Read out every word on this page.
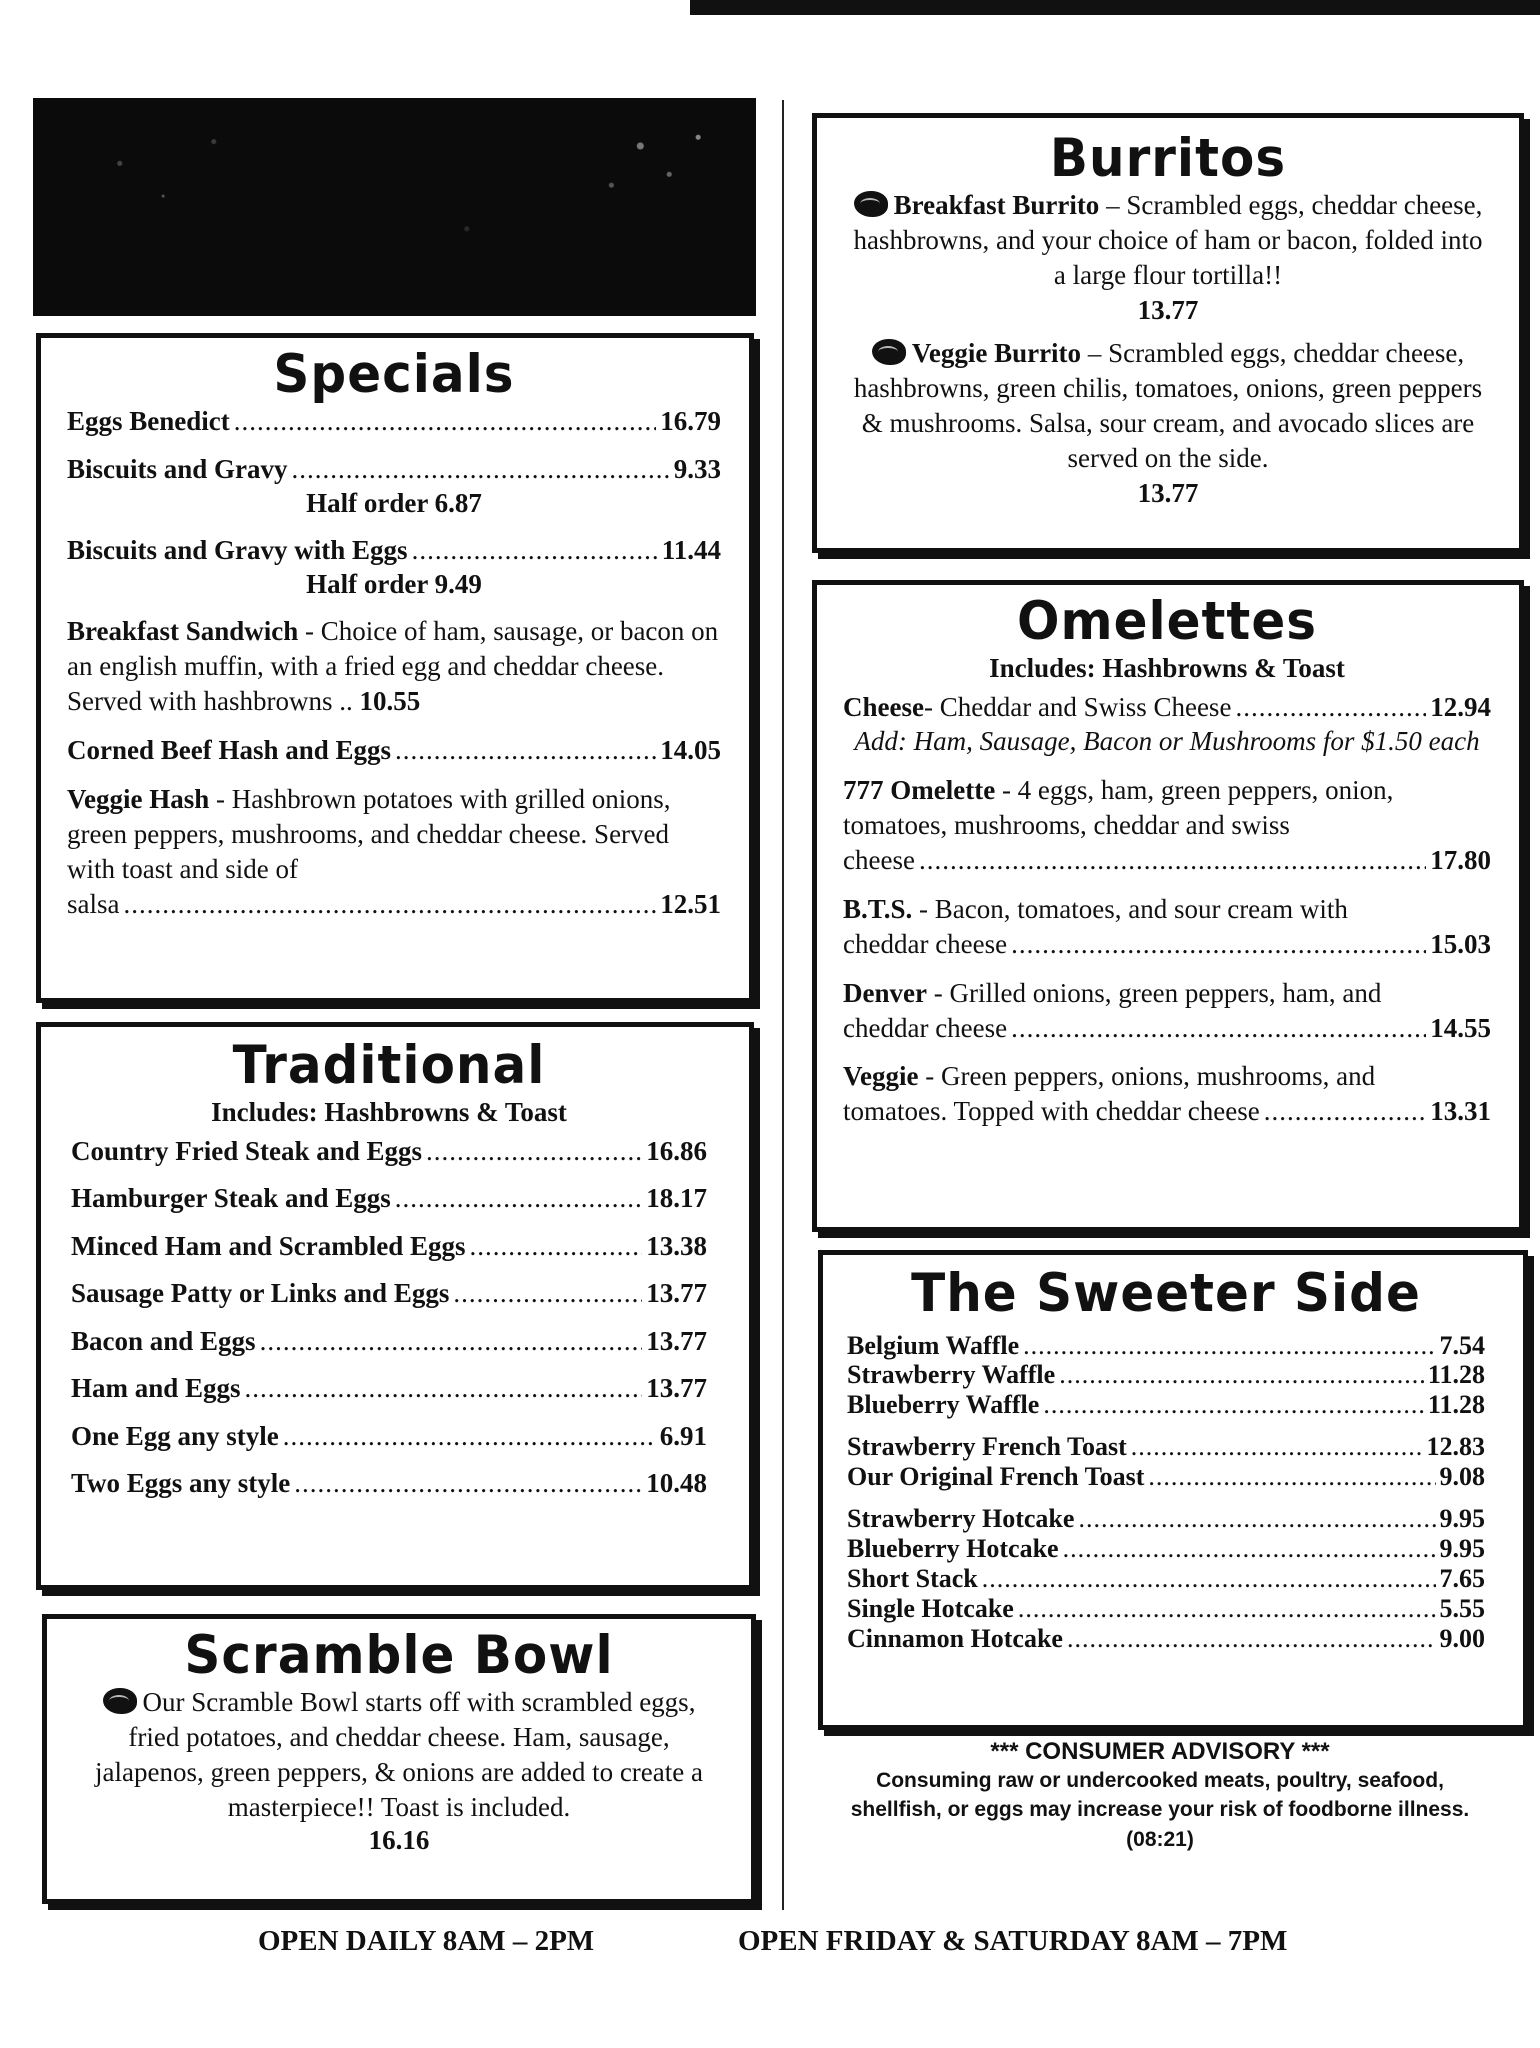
Specials
Eggs Benedict .....	16.79
Biscuits and Gravy .....	9.33
Half order 6.87
Biscuits and Gravy with Eggs .....	11.44
Half order 9.49
Breakfast Sandwich - Choice of ham, sausage, or bacon on an english muffin, with a fried egg and cheddar cheese. Served with hashbrowns .. 10.55
Corned Beef Hash and Eggs .....	14.05
Veggie Hash - Hashbrown potatoes with grilled onions, green peppers, mushrooms, and cheddar cheese. Served with toast and side of
salsa .....	12.51
Traditional
Includes: Hashbrowns & Toast
Country Fried Steak and Eggs .....	16.86
Hamburger Steak and Eggs .....	18.17
Minced Ham and Scrambled Eggs .....	13.38
Sausage Patty or Links and Eggs .....	13.77
Bacon and Eggs .....	13.77
Ham and Eggs .....	13.77
One Egg any style .....	6.91
Two Eggs any style .....	10.48
Scramble Bowl
Our Scramble Bowl starts off with scrambled eggs, fried potatoes, and cheddar cheese. Ham, sausage, jalapenos, green peppers, & onions are added to create a masterpiece!! Toast is included.
16.16
Burritos
Breakfast Burrito – Scrambled eggs, cheddar cheese, hashbrowns, and your choice of ham or bacon, folded into a large flour tortilla!!
13.77
Veggie Burrito – Scrambled eggs, cheddar cheese, hashbrowns, green chilis, tomatoes, onions, green peppers & mushrooms. Salsa, sour cream, and avocado slices are served on the side.
13.77
Omelettes
Includes: Hashbrowns & Toast
Cheese - Cheddar and Swiss Cheese .....	12.94
Add: Ham, Sausage, Bacon or Mushrooms for $1.50 each
777 Omelette - 4 eggs, ham, green peppers, onion, tomatoes, mushrooms, cheddar and swiss
cheese .....	17.80
B.T.S. - Bacon, tomatoes, and sour cream with
cheddar cheese .....	15.03
Denver - Grilled onions, green peppers, ham, and
cheddar cheese .....	14.55
Veggie - Green peppers, onions, mushrooms, and
tomatoes. Topped with cheddar cheese .....	13.31
The Sweeter Side
Belgium Waffle .....	7.54
Strawberry Waffle .....	11.28
Blueberry Waffle .....	11.28
Strawberry French Toast .....	12.83
Our Original French Toast .....	9.08
Strawberry Hotcake .....	9.95
Blueberry Hotcake .....	9.95
Short Stack .....	7.65
Single Hotcake .....	5.55
Cinnamon Hotcake .....	9.00
*** CONSUMER ADVISORY ***
Consuming raw or undercooked meats, poultry, seafood, shellfish, or eggs may increase your risk of foodborne illness. (08:21)
OPEN DAILY 8AM – 2PM	OPEN FRIDAY & SATURDAY 8AM – 7PM
